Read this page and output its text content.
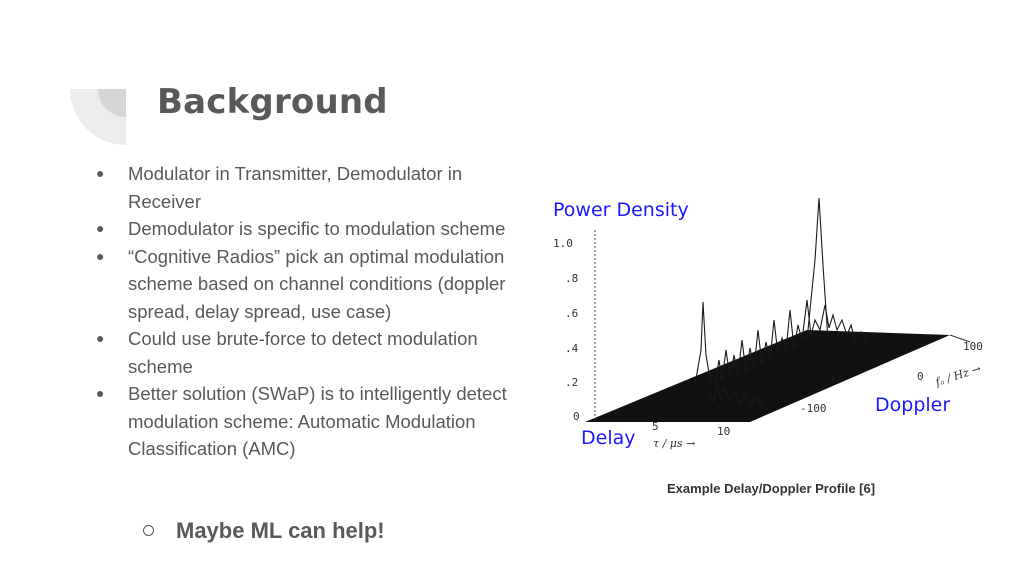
Background
● Modulator in Transmitter, Demodulator in Receiver
● Demodulator is specific to modulation scheme
● “Cognitive Radios” pick an optimal modulation scheme based on channel conditions (doppler spread, delay spread, use case)
● Could use brute-force to detect modulation scheme
● Better solution (SWaP) is to intelligently detect modulation scheme: Automatic Modulation Classification (AMC)
Maybe ML can help!
Power Density
1.0
.8
.6
.4
.2
0
Delay
5	10
τ / μs →
100
0
-100
fₐ / Hz →
Doppler
Example Delay/Doppler Profile [6]
